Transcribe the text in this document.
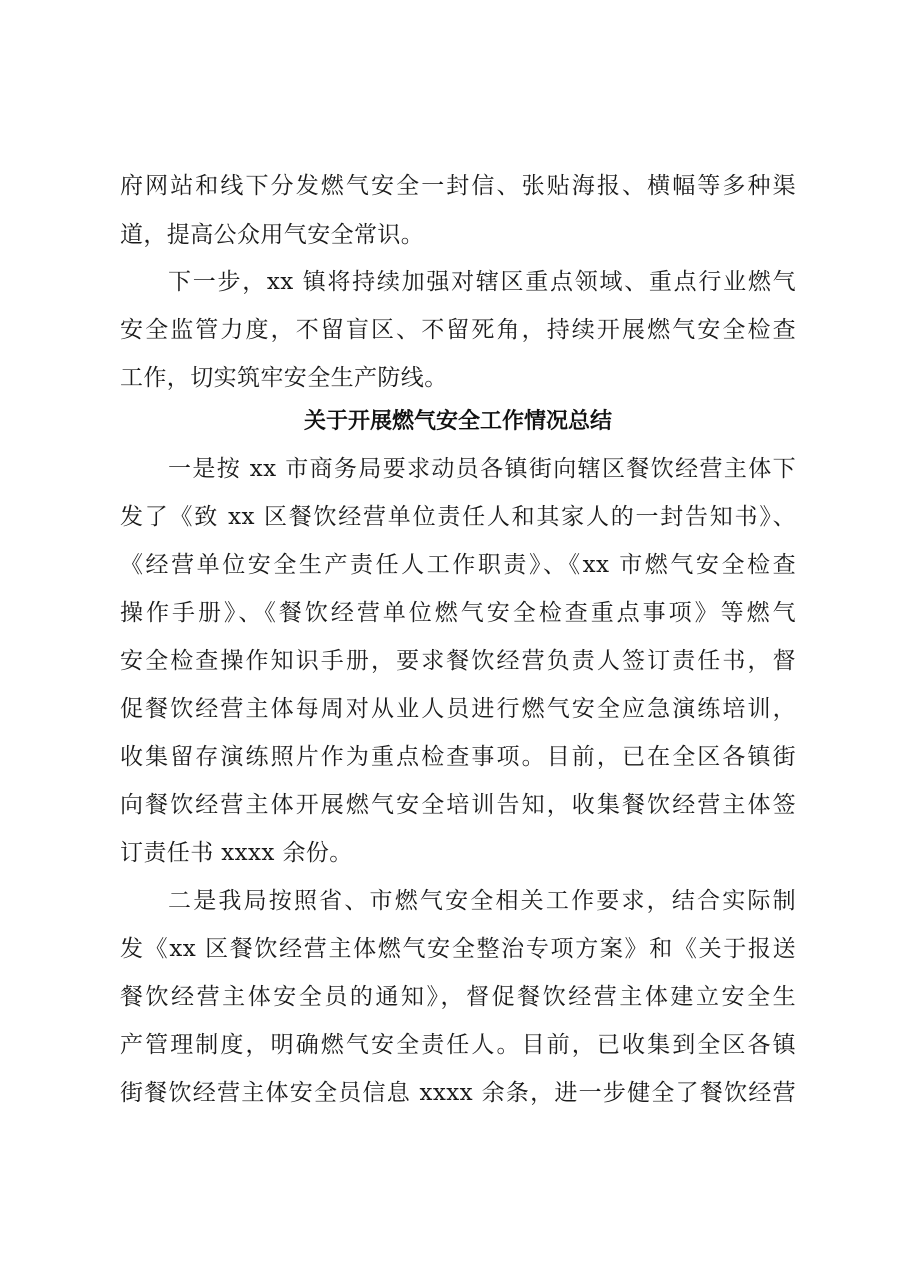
府网站和线下分发燃气安全一封信、张贴海报、横幅等多种渠
道，提高公众用气安全常识。
下一步，xx 镇将持续加强对辖区重点领域、重点行业燃气
安全监管力度，不留盲区、不留死角，持续开展燃气安全检查
工作，切实筑牢安全生产防线。
关于开展燃气安全工作情况总结
一是按 xx 市商务局要求动员各镇街向辖区餐饮经营主体下
发了《致 xx 区餐饮经营单位责任人和其家人的一封告知书》、
《经营单位安全生产责任人工作职责》、《xx 市燃气安全检查
操作手册》、《餐饮经营单位燃气安全检查重点事项》等燃气
安全检查操作知识手册，要求餐饮经营负责人签订责任书，督
促餐饮经营主体每周对从业人员进行燃气安全应急演练培训，
收集留存演练照片作为重点检查事项。目前，已在全区各镇街
向餐饮经营主体开展燃气安全培训告知，收集餐饮经营主体签
订责任书 xxxx 余份。
二是我局按照省、市燃气安全相关工作要求，结合实际制
发《xx 区餐饮经营主体燃气安全整治专项方案》和《关于报送
餐饮经营主体安全员的通知》，督促餐饮经营主体建立安全生
产管理制度，明确燃气安全责任人。目前，已收集到全区各镇
街餐饮经营主体安全员信息 xxxx 余条，进一步健全了餐饮经营
